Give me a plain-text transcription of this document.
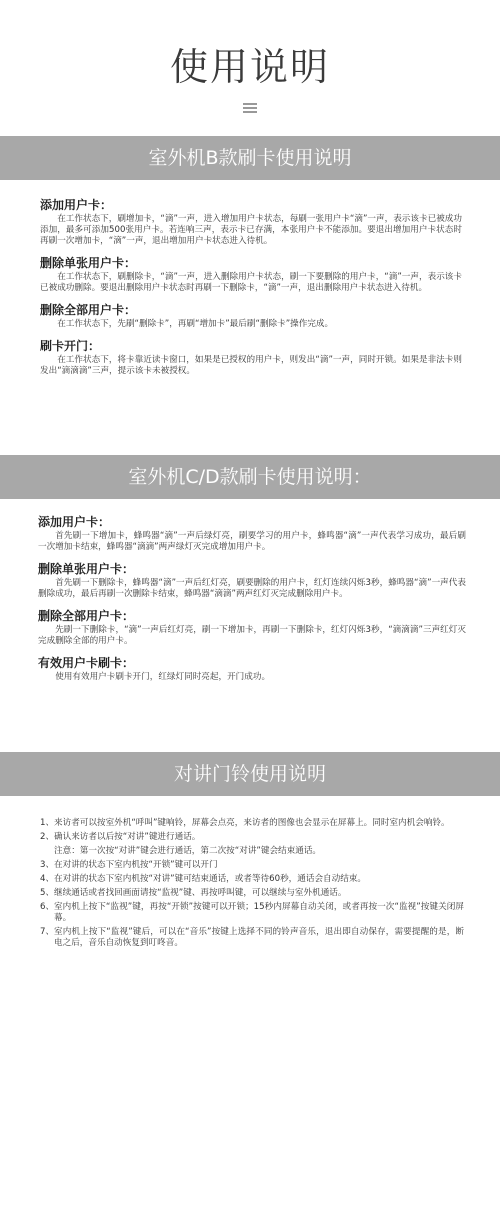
使用说明
室外机B款刷卡使用说明
添加用户卡：
在工作状态下，刷增加卡，“滴”一声，进入增加用户卡状态，每刷一张用户卡“滴”一声，表示该卡已被成功添加，最多可添加500张用户卡。若连响三声，表示卡已存满，本张用户卡不能添加。要退出增加用户卡状态时再刷一次增加卡，“滴”一声，退出增加用户卡状态进入待机。
删除单张用户卡：
在工作状态下，刷删除卡，“滴”一声，进入删除用户卡状态，刷一下要删除的用户卡，“滴”一声，表示该卡已被成功删除。要退出删除用户卡状态时再刷一下删除卡，“滴”一声，退出删除用户卡状态进入待机。
删除全部用户卡：
在工作状态下，先刷“删除卡”，再刷“增加卡”最后刷“删除卡”操作完成。
刷卡开门：
在工作状态下，将卡靠近读卡窗口，如果是已授权的用户卡，则发出“滴”一声，同时开锁。如果是非法卡则发出“滴滴滴”三声，提示该卡未被授权。
室外机C/D款刷卡使用说明：
添加用户卡：
首先刷一下增加卡，蜂鸣器“滴”一声后绿灯亮，刷要学习的用户卡，蜂鸣器“滴”一声代表学习成功，最后刷一次增加卡结束，蜂鸣器“滴滴”两声绿灯灭完成增加用户卡。
删除单张用户卡：
首先刷一下删除卡，蜂鸣器“滴”一声后红灯亮，刷要删除的用户卡，红灯连续闪烁3秒，蜂鸣器“滴”一声代表删除成功，最后再刷一次删除卡结束，蜂鸣器“滴滴”两声红灯灭完成删除用户卡。
删除全部用户卡：
先刷一下删除卡，“滴”一声后红灯亮，刷一下增加卡，再刷一下删除卡，红灯闪烁3秒，“滴滴滴”三声红灯灭完成删除全部的用户卡。
有效用户卡刷卡：
使用有效用户卡刷卡开门，红绿灯同时亮起，开门成功。
对讲门铃使用说明
1、 来访者可以按室外机“呼叫”键响铃，屏幕会点亮，来访者的图像也会显示在屏幕上。同时室内机会响铃。
2、 确认来访者以后按“对讲”键进行通话。
注意：第一次按“对讲”键会进行通话，第二次按“对讲”键会结束通话。
3、 在对讲的状态下室内机按“开锁”键可以开门
4、 在对讲的状态下室内机按“对讲”键可结束通话，或者等待60秒，通话会自动结束。
5、 继续通话或者找回画面请按“监视”键、再按呼叫键，可以继续与室外机通话。
6、 室内机上按下“监视”键，再按“开锁”按键可以开锁；15秒内屏幕自动关闭，或者再按一次“监视”按键关闭屏幕。
7、 室内机上按下“监视”键后，可以在“音乐”按键上选择不同的铃声音乐，退出即自动保存，需要提醒的是，断电之后，音乐自动恢复到叮咚音。
